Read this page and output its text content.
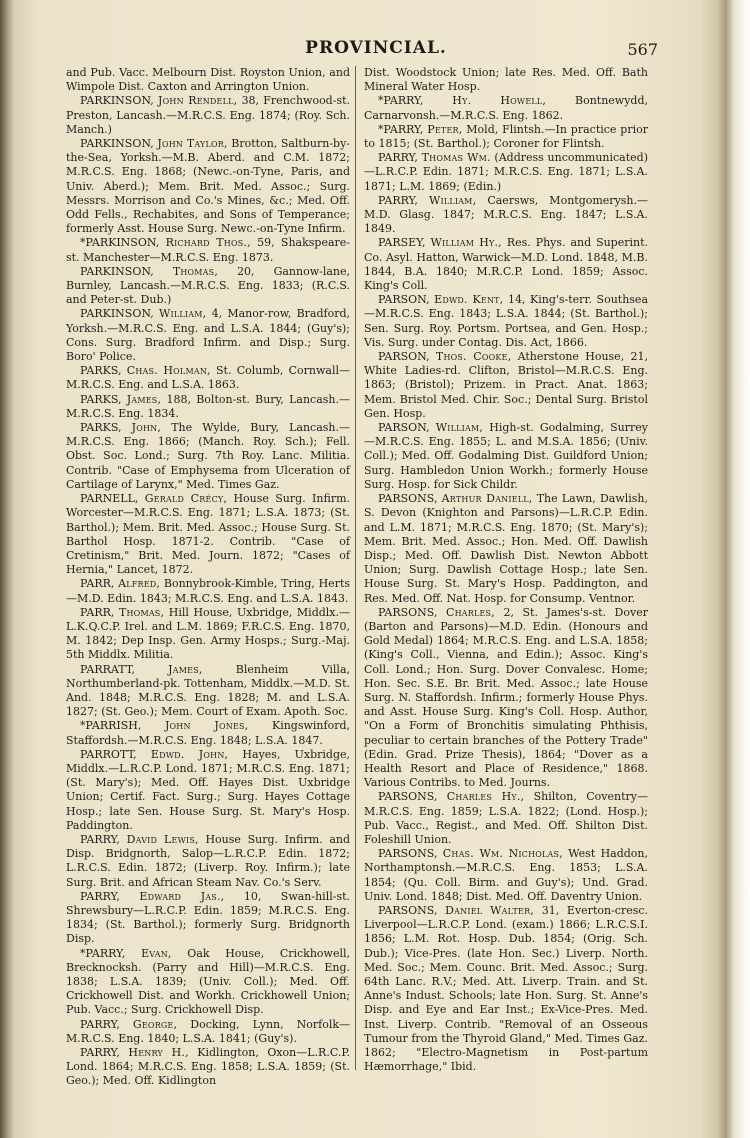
PROVINCIAL.	567

and Pub. Vacc. Melbourn Dist. Royston Union, and Wimpole Dist. Caxton and Arrington Union.

PARKINSON, John Rendell, 38, Frenchwood-st. Preston, Lancash.—M.R.C.S. Eng. 1874; (Roy. Sch. Manch.)

PARKINSON, John Taylor, Brotton, Saltburn-by-the-Sea, Yorksh.—M.B. Aberd. and C.M. 1872; M.R.C.S. Eng. 1868; (Newc.-on-Tyne, Paris, and Univ. Aberd.); Mem. Brit. Med. Assoc.; Surg. Messrs. Morrison and Co.'s Mines, &c.; Med. Off. Odd Fells., Rechabites, and Sons of Temperance; formerly Asst. House Surg. Newc.-on-Tyne Infirm.

*PARKINSON, Richard Thos., 59, Shakspeare-st. Manchester—M.R.C.S. Eng. 1873.

PARKINSON, Thomas, 20, Gannow-lane, Burnley, Lancash.—M.R.C.S. Eng. 1833; (R.C.S. and Peter-st. Dub.)

PARKINSON, William, 4, Manor-row, Bradford, Yorksh.—M.R.C.S. Eng. and L.S.A. 1844; (Guy's); Cons. Surg. Bradford Infirm. and Disp.; Surg. Boro' Police.

PARKS, Chas. Holman, St. Columb, Cornwall—M.R.C.S. Eng. and L.S.A. 1863.

PARKS, James, 188, Bolton-st. Bury, Lancash.—M.R.C.S. Eng. 1834.

PARKS, John, The Wylde, Bury, Lancash.—M.R.C.S. Eng. 1866; (Manch. Roy. Sch.); Fell. Obst. Soc. Lond.; Surg. 7th Roy. Lanc. Militia. Contrib. "Case of Emphysema from Ulceration of Cartilage of Larynx," Med. Times Gaz.

PARNELL, Gerald Crécy, House Surg. Infirm. Worcester—M.R.C.S. Eng. 1871; L.S.A. 1873; (St. Barthol.); Mem. Brit. Med. Assoc.; House Surg. St. Barthol Hosp. 1871-2. Contrib. "Case of Cretinism," Brit. Med. Journ. 1872; "Cases of Hernia," Lancet, 1872.

PARR, Alfred, Bonnybrook-Kimble, Tring, Herts—M.D. Edin. 1843; M.R.C.S. Eng. and L.S.A. 1843.

PARR, Thomas, Hill House, Uxbridge, Middlx.—L.K.Q.C.P. Irel. and L.M. 1869; F.R.C.S. Eng. 1870, M. 1842; Dep Insp. Gen. Army Hosps.; Surg.-Maj. 5th Middlx. Militia.

PARRATT,	James,	Blenheim Villa, Northumberland-pk. Tottenham, Middlx.—M.D. St. And. 1848; M.R.C.S. Eng. 1828; M. and L.S.A. 1827; (St. Geo.); Mem. Court of Exam. Apoth. Soc.

*PARRISH, John Jones, Kingswinford, Staffordsh.—M.R.C.S. Eng. 1848; L.S.A. 1847.

PARROTT, Edwd. John, Hayes, Uxbridge, Middlx.—L.R.C.P. Lond. 1871; M.R.C.S. Eng. 1871; (St. Mary's); Med. Off. Hayes Dist. Uxbridge Union; Certif. Fact. Surg.; Surg. Hayes Cottage Hosp.; late Sen. House Surg. St. Mary's Hosp. Paddington.

PARRY, David Lewis, House Surg. Infirm. and Disp. Bridgnorth, Salop—L.R.C.P. Edin. 1872; L.R.C.S. Edin. 1872; (Liverp. Roy. Infirm.); late Surg. Brit. and African Steam Nav. Co.'s Serv.

PARRY, Edward Jas., 10, Swan-hill-st. Shrewsbury—L.R.C.P. Edin. 1859; M.R.C.S. Eng. 1834; (St. Barthol.); formerly Surg. Bridgnorth Disp.

*PARRY, Evan, Oak House, Crickhowell, Brecknocksh. (Parry and Hill)—M.R.C.S. Eng. 1838; L.S.A. 1839; (Univ. Coll.); Med. Off. Crickhowell Dist. and Workh. Crickhowell Union; Pub. Vacc.; Surg. Crickhowell Disp.

PARRY, George, Docking, Lynn, Norfolk—M.R.C.S. Eng. 1840; L.S.A. 1841; (Guy's).

PARRY, Henry H., Kidlington, Oxon—L.R.C.P. Lond. 1864; M.R.C.S. Eng. 1858; L.S.A. 1859; (St. Geo.); Med. Off. Kidlington

Dist. Woodstock Union; late Res. Med. Off. Bath Mineral Water Hosp.

*PARRY,	Hy. Howell,	Bontnewydd, Carnarvonsh.—M.R.C.S. Eng. 1862.

*PARRY, Peter, Mold, Flintsh.—In practice prior to 1815; (St. Barthol.); Coroner for Flintsh.

PARRY, Thomas Wm. (Address uncommunicated)—L.R.C.P. Edin. 1871; M.R.C.S. Eng. 1871; L.S.A. 1871; L.M. 1869; (Edin.)

PARRY, William, Caersws, Montgomerysh.—M.D. Glasg. 1847; M.R.C.S. Eng. 1847; L.S.A. 1849.

PARSEY, William Hy., Res. Phys. and Superint. Co. Asyl. Hatton, Warwick—M.D. Lond. 1848, M.B. 1844, B.A. 1840; M.R.C.P. Lond. 1859; Assoc. King's Coll.

PARSON, Edwd. Kent, 14, King's-terr. Southsea—M.R.C.S. Eng. 1843; L.S.A. 1844; (St. Barthol.); Sen. Surg. Roy. Portsm. Portsea, and Gen. Hosp.; Vis. Surg. under Contag. Dis. Act, 1866.

PARSON, Thos. Cooke, Atherstone House, 21, White Ladies-rd. Clifton, Bristol—M.R.C.S. Eng. 1863; (Bristol); Prizem. in Pract. Anat. 1863; Mem. Bristol Med. Chir. Soc.; Dental Surg. Bristol Gen. Hosp.

PARSON, William, High-st. Godalming, Surrey—M.R.C.S. Eng. 1855; L. and M.S.A. 1856; (Univ. Coll.); Med. Off. Godalming Dist. Guildford Union; Surg. Hambledon Union Workh.; formerly House Surg. Hosp. for Sick Childr.

PARSONS, Arthur Daniell, The Lawn, Dawlish, S. Devon (Knighton and Parsons)—L.R.C.P. Edin. and L.M. 1871; M.R.C.S. Eng. 1870; (St. Mary's); Mem. Brit. Med. Assoc.; Hon. Med. Off. Dawlish Disp.; Med. Off. Dawlish Dist. Newton Abbott Union; Surg. Dawlish Cottage Hosp.; late Sen. House Surg. St. Mary's Hosp. Paddington, and Res. Med. Off. Nat. Hosp. for Consump. Ventnor.

PARSONS, Charles, 2, St. James's-st. Dover (Barton and Parsons)—M.D. Edin. (Honours and Gold Medal) 1864; M.R.C.S. Eng. and L.S.A. 1858; (King's Coll., Vienna, and Edin.); Assoc. King's Coll. Lond.; Hon. Surg. Dover Convalesc. Home; Hon. Sec. S.E. Br. Brit. Med. Assoc.; late House Surg. N. Staffordsh. Infirm.; formerly House Phys. and Asst. House Surg. King's Coll. Hosp. Author, "On a Form of Bronchitis simulating Phthisis, peculiar to certain branches of the Pottery Trade" (Edin. Grad. Prize Thesis), 1864; "Dover as a Health Resort and Place of Residence," 1868. Various Contribs. to Med. Journs.

PARSONS, Charles Hy., Shilton, Coventry—M.R.C.S. Eng. 1859; L.S.A. 1822; (Lond. Hosp.); Pub. Vacc., Regist., and Med. Off. Shilton Dist. Foleshill Union.

PARSONS, Chas. Wm. Nicholas, West Haddon, Northamptonsh.—M.R.C.S. Eng. 1853; L.S.A. 1854; (Qu. Coll. Birm. and Guy's); Und. Grad. Univ. Lond. 1848; Dist. Med. Off. Daventry Union.

PARSONS, Daniel Walter, 31, Everton-cresc. Liverpool—L.R.C.P. Lond. (exam.) 1866; L.R.C.S.I. 1856; L.M. Rot. Hosp. Dub. 1854; (Orig. Sch. Dub.); Vice-Pres. (late Hon. Sec.) Liverp. North. Med. Soc.; Mem. Counc. Brit. Med. Assoc.; Surg. 64th Lanc. R.V.; Med. Att. Liverp. Train. and St. Anne's Indust. Schools; late Hon. Surg. St. Anne's Disp. and Eye and Ear Inst.; Ex-Vice-Pres. Med. Inst. Liverp. Contrib. "Removal of an Osseous Tumour from the Thyroid Gland," Med. Times Gaz. 1862; "Electro-Magnetism in Post-partum Hæmorrhage," Ibid.
